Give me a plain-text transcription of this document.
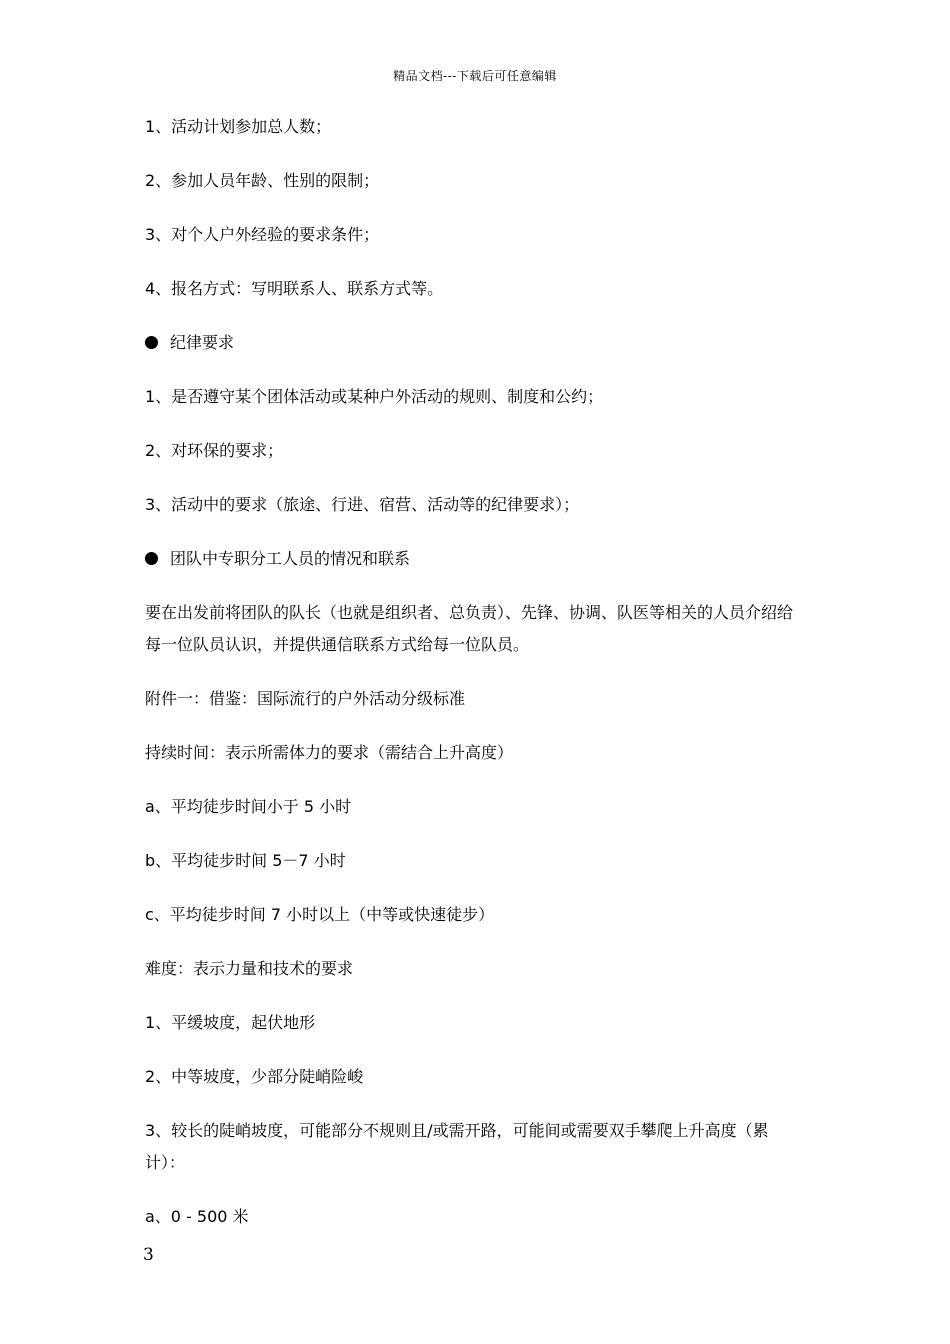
精品文档---下载后可任意编辑
1、活动计划参加总人数；
2、参加人员年龄、性别的限制；
3、对个人户外经验的要求条件；
4、报名方式：写明联系人、联系方式等。
纪律要求
1、是否遵守某个团体活动或某种户外活动的规则、制度和公约；
2、对环保的要求；
3、活动中的要求（旅途、行进、宿营、活动等的纪律要求）；
团队中专职分工人员的情况和联系
要在出发前将团队的队长（也就是组织者、总负责）、先锋、协调、队医等相关的人员介绍给每一位队员认识，并提供通信联系方式给每一位队员。
附件一：借鉴：国际流行的户外活动分级标准
持续时间：表示所需体力的要求（需结合上升高度）
a、平均徒步时间小于 5 小时
b、平均徒步时间 5－7 小时
c、平均徒步时间 7 小时以上（中等或快速徒步）
难度：表示力量和技术的要求
1、平缓坡度，起伏地形
2、中等坡度，少部分陡峭险峻
3、较长的陡峭坡度，可能部分不规则且/或需开路，可能间或需要双手攀爬上升高度（累计）：
a、0 - 500 米
3
